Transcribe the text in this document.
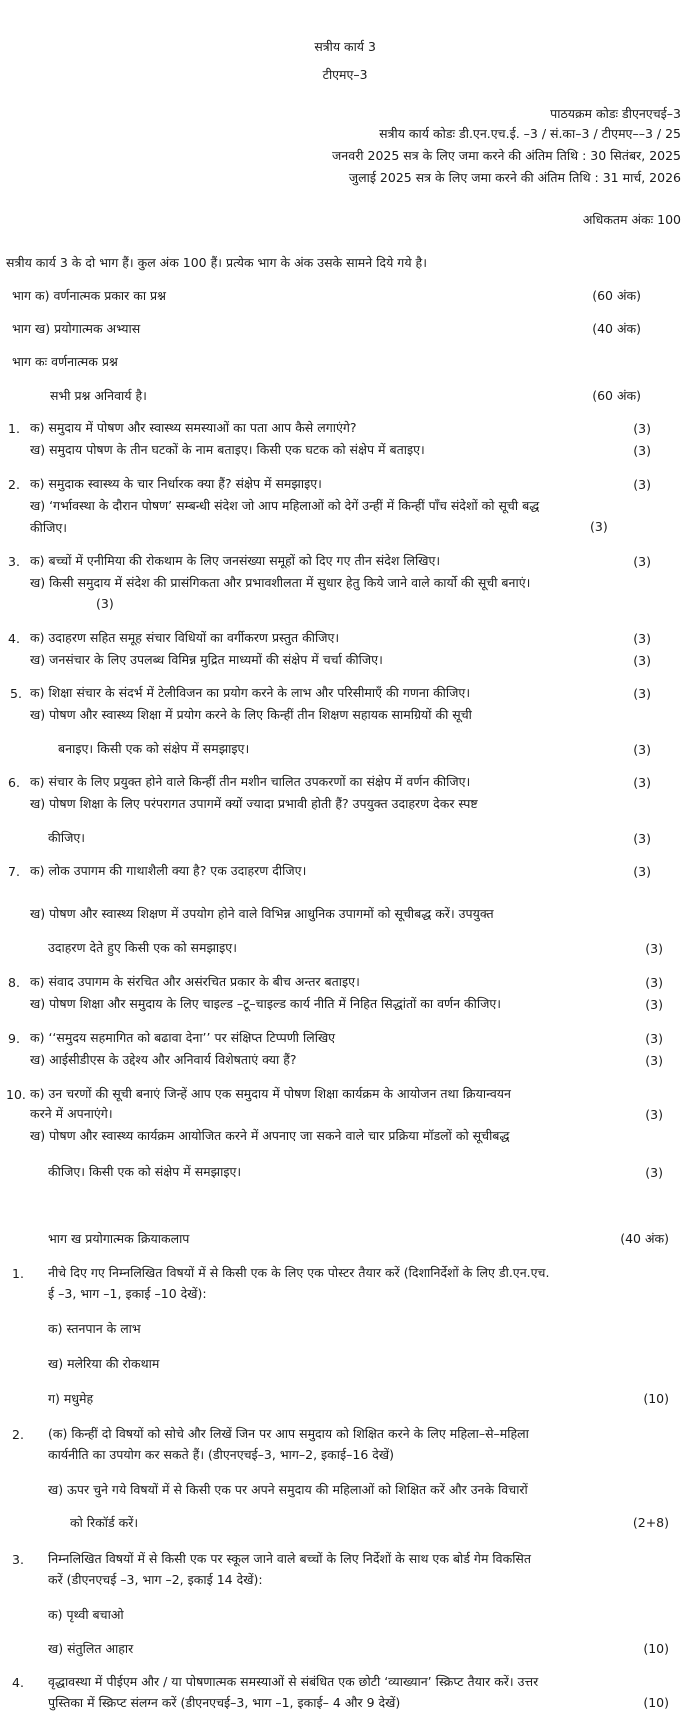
सत्रीय कार्य 3
टीएमए–3
पाठयक्रम कोडः डीएनएचई–3
सत्रीय कार्य कोडः डी.एन.एच.ई. –3 / सं.का–3 / टीएमए––3 / 25
जनवरी 2025 सत्र के लिए जमा करने की अंतिम तिथि : 30 सितंबर, 2025
जुलाई 2025 सत्र के लिए जमा करने की अंतिम तिथि : 31 मार्च, 2026
अधिकतम अंकः 100
सत्रीय कार्य 3 के दो भाग हैं। कुल अंक 100 हैं। प्रत्येक भाग के अंक उसके सामने दिये गये है।
भाग क) वर्णनात्मक प्रकार का प्रश्न	(60 अंक)
भाग ख) प्रयोगात्मक अभ्यास	(40 अंक)
भाग कः वर्णनात्मक प्रश्न
सभी प्रश्न अनिवार्य है।	(60 अंक)
1. क) समुदाय में पोषण और स्वास्थ्य समस्याओं का पता आप कैसे लगाएंगे?	(3)
ख) समुदाय पोषण के तीन घटकों के नाम बताइए। किसी एक घटक को संक्षेप में बताइए।	(3)
2. क) समुदाक स्वास्थ्य के चार निर्धारक क्या हैं? संक्षेप में समझाइए।	(3)
ख) ‘गर्भावस्था के दौरान पोषण’ सम्बन्धी संदेश जो आप महिलाओं को देगें उन्हीं में किन्हीं पाँच संदेशों को सूची बद्ध
कीजिए।	(3)
3. क) बच्चों में एनीमिया की रोकथाम के लिए जनसंख्या समूहों को दिए गए तीन संदेश लिखिए।	(3)
ख) किसी समुदाय में संदेश की प्रासंगिकता और प्रभावशीलता में सुधार हेतु किये जाने वाले कार्यो की सूची बनाएं।
(3)
4. क) उदाहरण सहित समूह संचार विधियों का वर्गीकरण प्रस्तुत कीजिए।	(3)
ख) जनसंचार के लिए उपलब्ध विमिन्न मुद्रित माध्यमों की संक्षेप में चर्चा कीजिए।	(3)
5. क) शिक्षा संचार के संदर्भ में टेलीविजन का प्रयोग करने के लाभ और परिसीमाएँ की गणना कीजिए।	(3)
ख) पोषण और स्वास्थ्य शिक्षा में प्रयोग करने के लिए किन्हीं तीन शिक्षण सहायक सामग्रियों की सूची
बनाइए। किसी एक को संक्षेप में समझाइए।	(3)
6. क) संचार के लिए प्रयुक्त होने वाले किन्हीं तीन मशीन चालित उपकरणों का संक्षेप में वर्णन कीजिए।	(3)
ख) पोषण शिक्षा के लिए परंपरागत उपागमें क्यों ज्यादा प्रभावी होती हैं? उपयुक्त उदाहरण देकर स्पष्ट
कीजिए।	(3)
7. क) लोक उपागम की गाथाशैली क्या है? एक उदाहरण दीजिए।	(3)
ख) पोषण और स्वास्थ्य शिक्षण में उपयोग होने वाले विभिन्न आधुनिक उपागमों को सूचीबद्ध करें। उपयुक्त
उदाहरण देते हुए किसी एक को समझाइए।	(3)
8. क) संवाद उपागम के संरचित और असंरचित प्रकार के बीच अन्तर बताइए।	(3)
ख) पोषण शिक्षा और समुदाय के लिए चाइल्ड –टू–चाइल्ड कार्य नीति में निहित सिद्धांतों का वर्णन कीजिए।	(3)
9. क) ‘‘समुदय सहमागित को बढावा देना’’ पर संक्षिप्त टिप्पणी लिखिए	(3)
ख) आईसीडीएस के उद्देश्य और अनिवार्य विशेषताएं क्या हैं?	(3)
10. क) उन चरणों की सूची बनाएं जिन्हें आप एक समुदाय में पोषण शिक्षा कार्यक्रम के आयोजन तथा क्रियान्वयन
करने में अपनाएंगे।	(3)
ख) पोषण और स्वास्थ्य कार्यक्रम आयोजित करने में अपनाए जा सकने वाले चार प्रक्रिया मॉडलों को सूचीबद्ध
कीजिए। किसी एक को संक्षेप में समझाइए।	(3)
भाग ख प्रयोगात्मक क्रियाकलाप	(40 अंक)
1. नीचे दिए गए निम्नलिखित विषयों में से किसी एक के लिए एक पोस्टर तैयार करें (दिशानिर्देशों के लिए डी.एन.एच.
ई –3, भाग –1, इकाई –10 देखें):
क) स्तनपान के लाभ
ख) मलेरिया की रोकथाम
ग) मधुमेह	(10)
2. (क) किन्हीं दो विषयों को सोचे और लिखें जिन पर आप समुदाय को शिक्षित करने के लिए महिला–से–महिला
कार्यनीति का उपयोग कर सकते हैं। (डीएनएचई–3, भाग–2, इकाई–16 देखें)
ख) ऊपर चुने गये विषयों में से किसी एक पर अपने समुदाय की महिलाओं को शिक्षित करें और उनके विचारों
को रिकॉर्ड करें।	(2+8)
3. निम्नलिखित विषयों में से किसी एक पर स्कूल जाने वाले बच्चों के लिए निर्देशों के साथ एक बोर्ड गेम विकसित
करें (डीएनएचई –3, भाग –2, इकाई 14 देखें):
क) पृथ्वी बचाओ
ख) संतुलित आहार	(10)
4. वृद्धावस्था में पीईएम और / या पोषणात्मक समस्याओं से संबंधित एक छोटी ‘व्याख्यान’ स्क्रिप्ट तैयार करें। उत्तर
पुस्तिका में स्क्रिप्ट संलग्न करें (डीएनएचई–3, भाग –1, इकाई– 4 और 9 देखें)	(10)
